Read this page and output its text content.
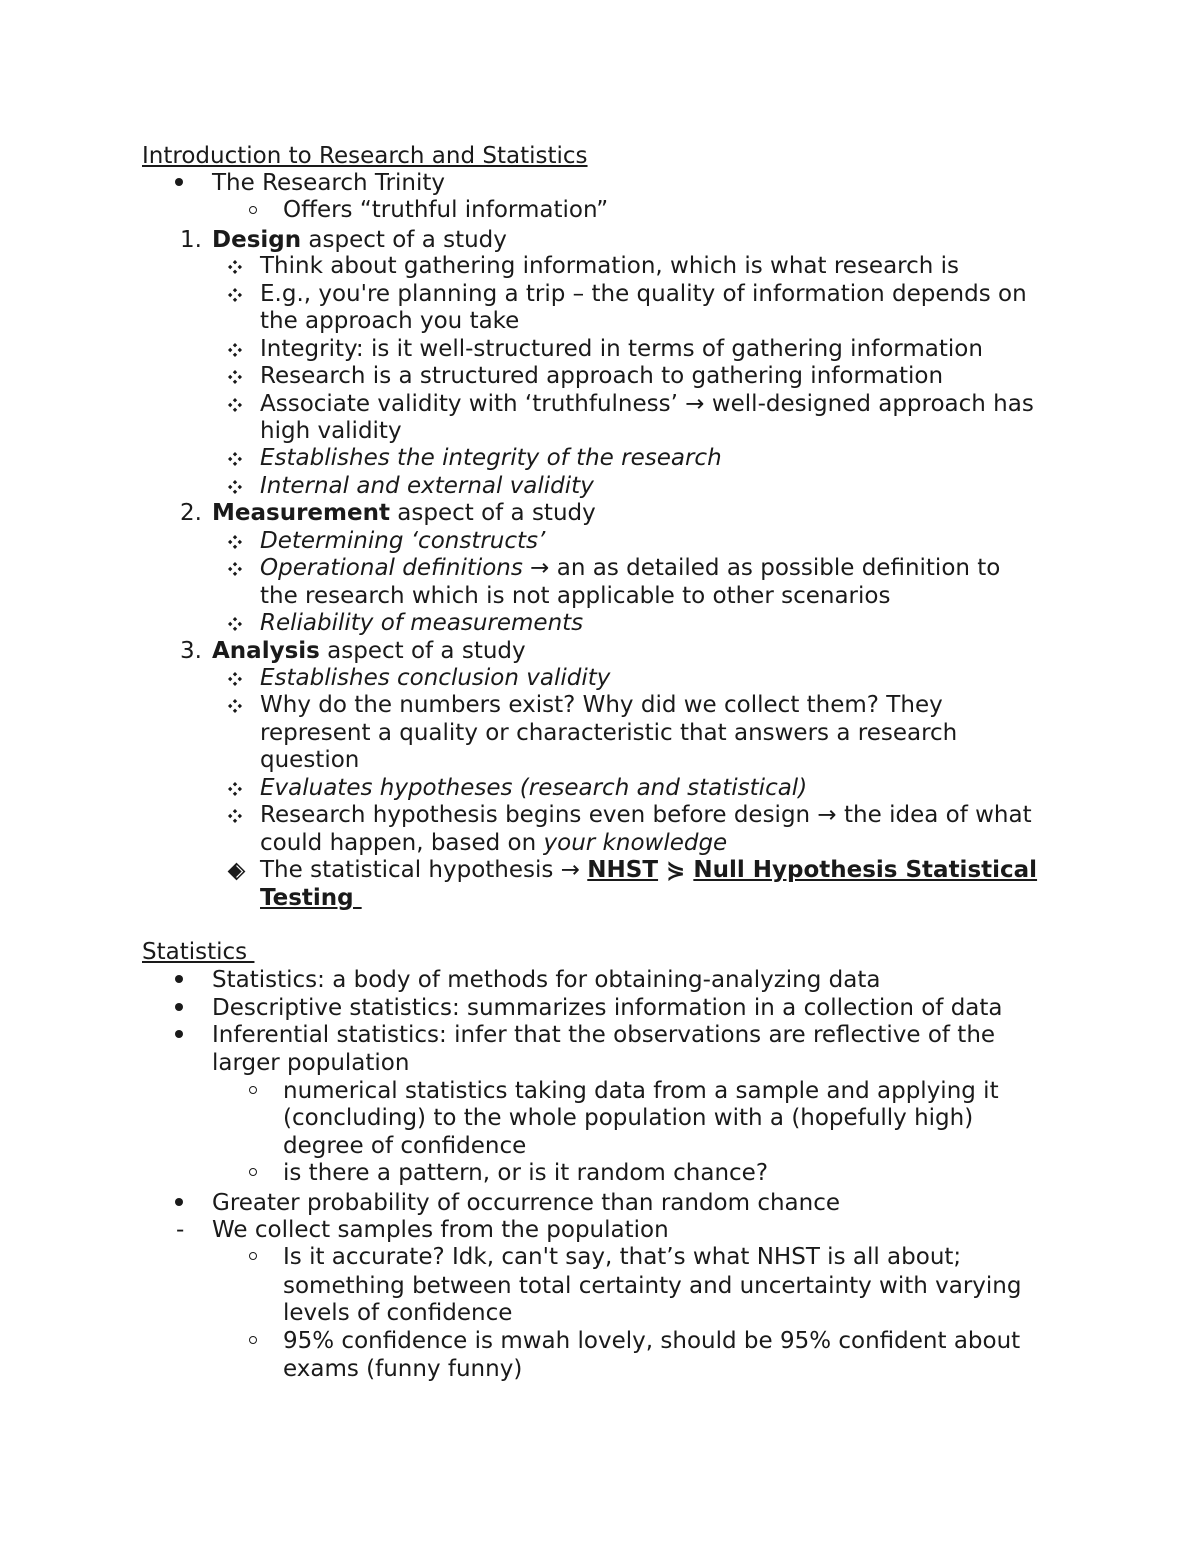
Introduction to Research and Statistics
The Research Trinity
Offers “truthful information”
1. Design aspect of a study
Think about gathering information, which is what research is
E.g., you're planning a trip – the quality of information depends on
the approach you take
Integrity: is it well-structured in terms of gathering information
Research is a structured approach to gathering information
Associate validity with ‘truthfulness’ → well-designed approach has
high validity
Establishes the integrity of the research
Internal and external validity
2. Measurement aspect of a study
Determining ‘constructs’
Operational definitions → an as detailed as possible definition to
the research which is not applicable to other scenarios
Reliability of measurements
3. Analysis aspect of a study
Establishes conclusion validity
Why do the numbers exist? Why did we collect them? They
represent a quality or characteristic that answers a research
question
Evaluates hypotheses (research and statistical)
Research hypothesis begins even before design → the idea of what
could happen, based on your knowledge
The statistical hypothesis → NHST ⋟ Null Hypothesis Statistical
Testing
Statistics
Statistics: a body of methods for obtaining-analyzing data
Descriptive statistics: summarizes information in a collection of data
Inferential statistics: infer that the observations are reflective of the
larger population
numerical statistics taking data from a sample and applying it
(concluding) to the whole population with a (hopefully high)
degree of confidence
is there a pattern, or is it random chance?
Greater probability of occurrence than random chance
- We collect samples from the population
Is it accurate? Idk, can't say, that’s what NHST is all about;
something between total certainty and uncertainty with varying
levels of confidence
95% confidence is mwah lovely, should be 95% confident about
exams (funny funny)
